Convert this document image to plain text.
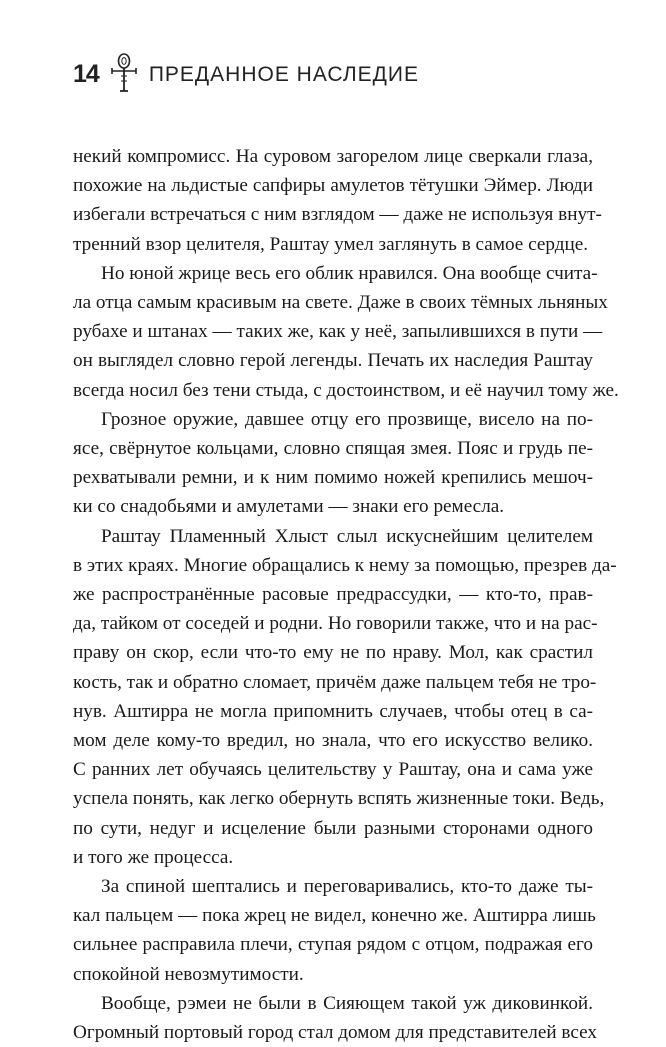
14 ПРЕДАННОЕ НАСЛЕДИЕ
некий компромисс. На суровом загорелом лице сверкали глаза,
похожие на льдистые сапфиры амулетов тётушки Эймер. Люди
избегали встречаться с ним взглядом — даже не используя внут-
тренний взор целителя, Раштау умел заглянуть в самое сердце.
Но юной жрице весь его облик нравился. Она вообще счита-
ла отца самым красивым на свете. Даже в своих тёмных льняных
рубахе и штанах — таких же, как у неё, запылившихся в пути —
он выглядел словно герой легенды. Печать их наследия Раштау
всегда носил без тени стыда, с достоинством, и её научил тому же.
Грозное оружие, давшее отцу его прозвище, висело на по-
ясе, свёрнутое кольцами, словно спящая змея. Пояс и грудь пе-
рехватывали ремни, и к ним помимо ножей крепились мешоч-
ки со снадобьями и амулетами — знаки его ремесла.
Раштау Пламенный Хлыст слыл искуснейшим целителем
в этих краях. Многие обращались к нему за помощью, презрев да-
же распространённые расовые предрассудки, — кто-то, прав-
да, тайком от соседей и родни. Но говорили также, что и на рас-
праву он скор, если что-то ему не по нраву. Мол, как срастил
кость, так и обратно сломает, причём даже пальцем тебя не тро-
нув. Аштирра не могла припомнить случаев, чтобы отец в са-
мом деле кому-то вредил, но знала, что его искусство велико.
С ранних лет обучаясь целительству у Раштау, она и сама уже
успела понять, как легко обернуть вспять жизненные токи. Ведь,
по сути, недуг и исцеление были разными сторонами одного
и того же процесса.
За спиной шептались и переговаривались, кто-то даже ты-
кал пальцем — пока жрец не видел, конечно же. Аштирра лишь
сильнее расправила плечи, ступая рядом с отцом, подражая его
спокойной невозмутимости.
Вообще, рэмеи не были в Сияющем такой уж диковинкой.
Огромный портовый город стал домом для представителей всех
